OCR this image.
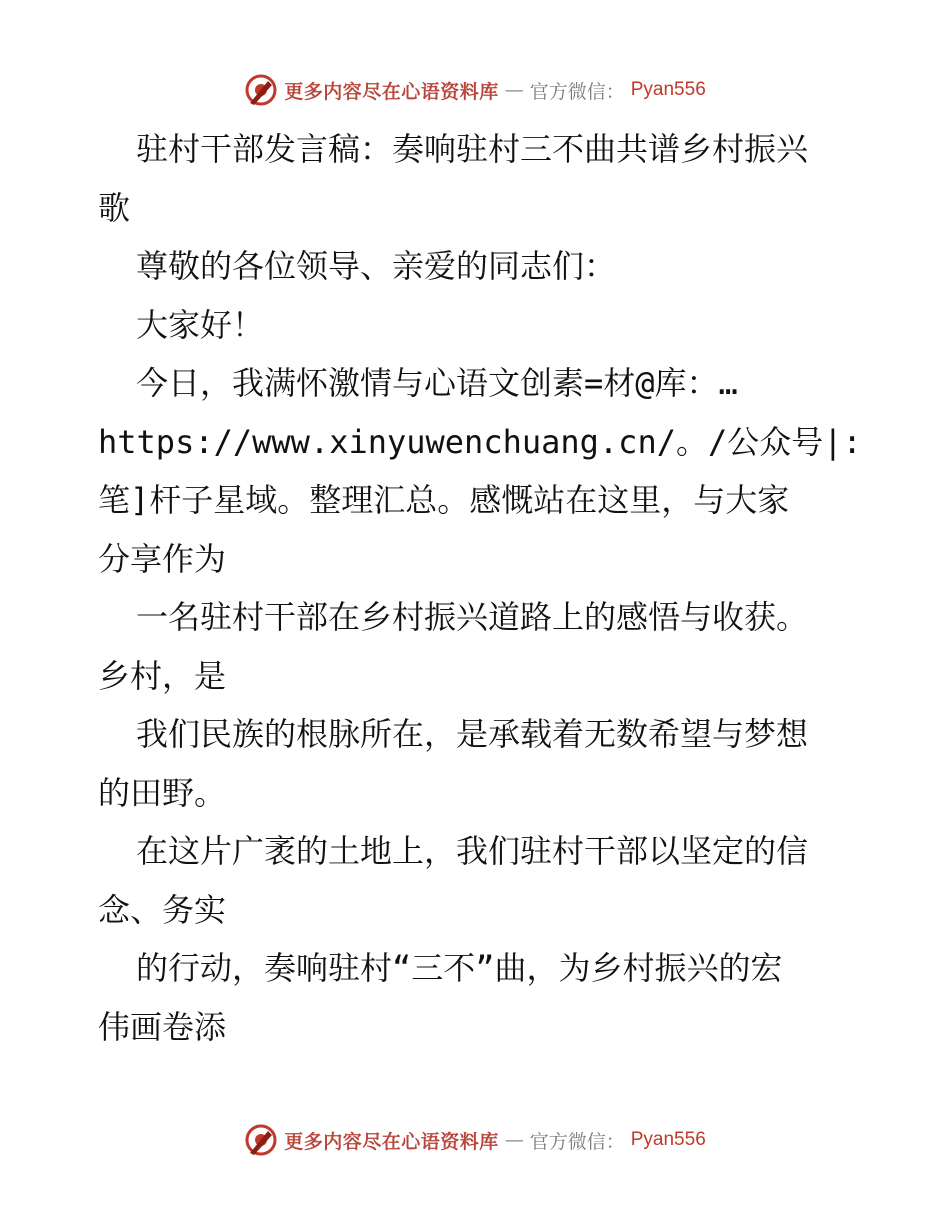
更多内容尽在心语资料库 — 官方微信： Pyan556
驻村干部发言稿：奏响驻村三不曲共谱乡村振兴
歌
尊敬的各位领导、亲爱的同志们：
大家好！
今日，我满怀激情与心语文创素=材@库：…
https://www.xinyuwenchuang.cn/。/公众号|:
笔]杆子星域。整理汇总。感慨站在这里，与大家
分享作为
一名驻村干部在乡村振兴道路上的感悟与收获。
乡村，是
我们民族的根脉所在，是承载着无数希望与梦想
的田野。
在这片广袤的土地上，我们驻村干部以坚定的信
念、务实
的行动，奏响驻村“三不”曲，为乡村振兴的宏
伟画卷添
更多内容尽在心语资料库 — 官方微信： Pyan556
